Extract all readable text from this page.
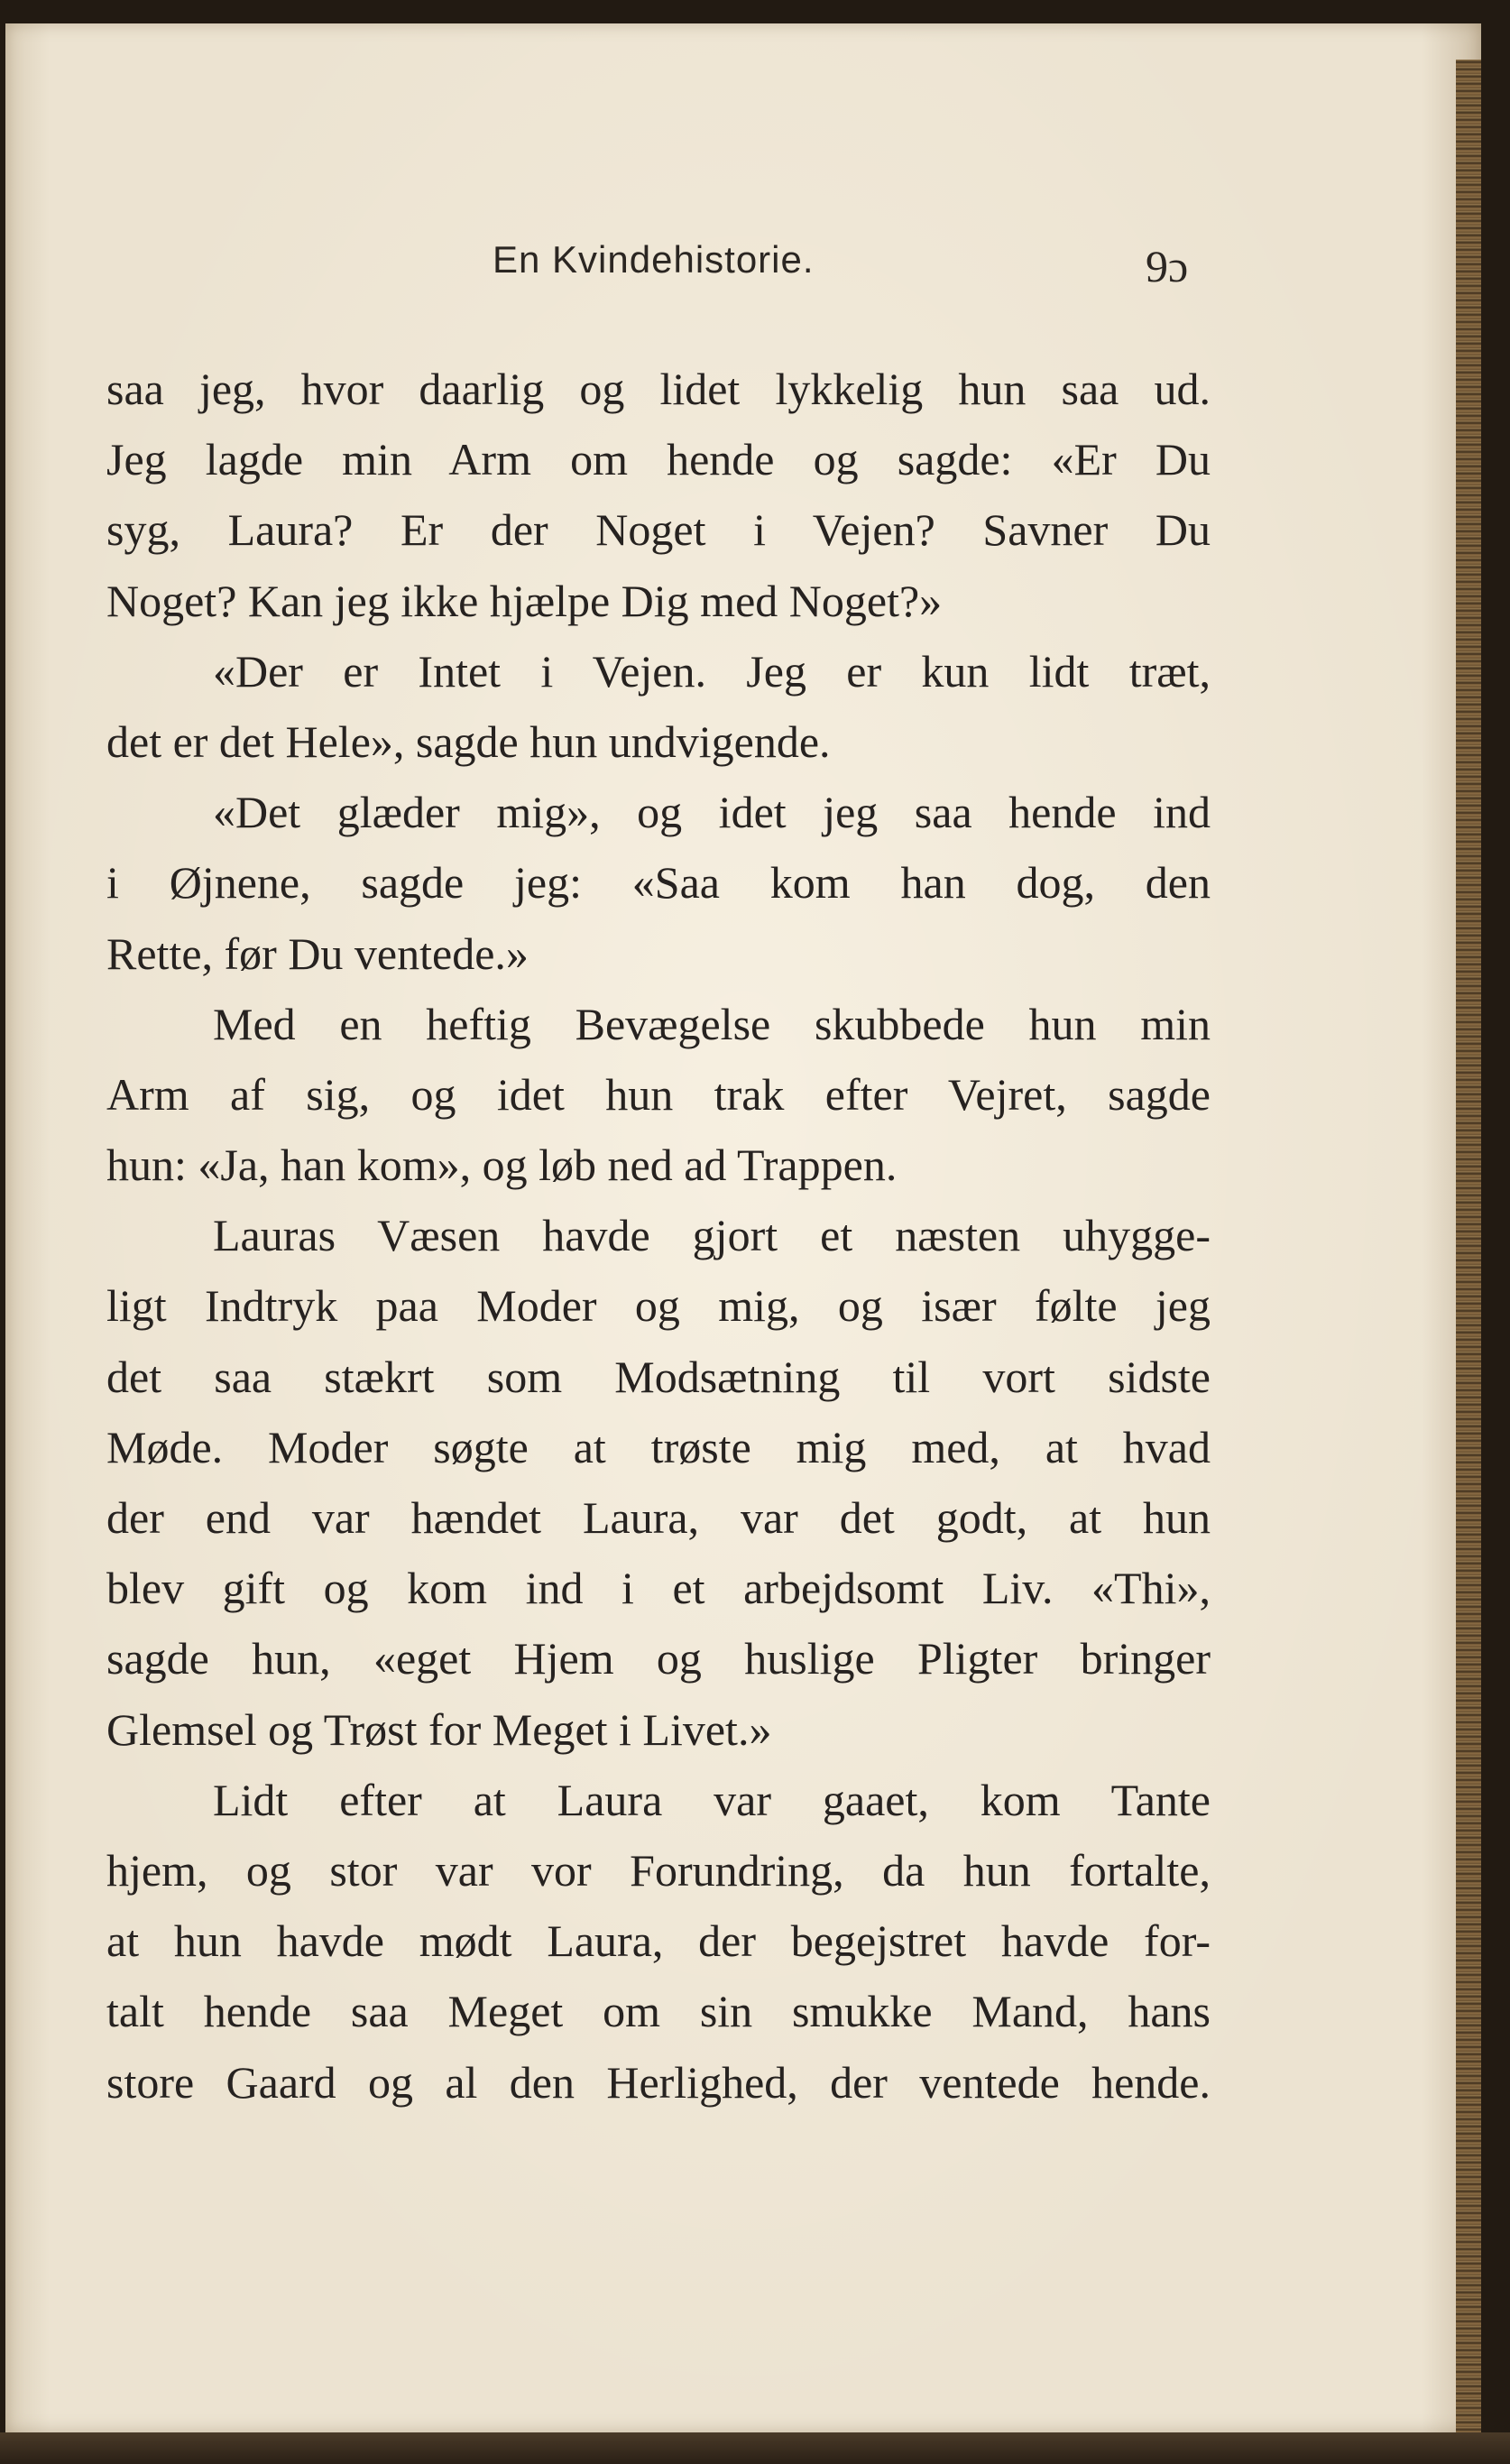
En Kvindehistorie.	9ɔ
saa jeg, hvor daarlig og lidet lykkelig hun saa ud.
Jeg lagde min Arm om hende og sagde: «Er Du
syg, Laura? Er der Noget i Vejen? Savner Du
Noget? Kan jeg ikke hjælpe Dig med Noget?»
«Der er Intet i Vejen. Jeg er kun lidt træt,
det er det Hele», sagde hun undvigende.
«Det glæder mig», og idet jeg saa hende ind
i Øjnene, sagde jeg: «Saa kom han dog, den
Rette, før Du ventede.»
Med en heftig Bevægelse skubbede hun min
Arm af sig, og idet hun trak efter Vejret, sagde
hun: «Ja, han kom», og løb ned ad Trappen.
Lauras Væsen havde gjort et næsten uhygge-
ligt Indtryk paa Moder og mig, og især følte jeg
det saa stækrt som Modsætning til vort sidste
Møde. Moder søgte at trøste mig med, at hvad
der end var hændet Laura, var det godt, at hun
blev gift og kom ind i et arbejdsomt Liv. «Thi»,
sagde hun, «eget Hjem og huslige Pligter bringer
Glemsel og Trøst for Meget i Livet.»
Lidt efter at Laura var gaaet, kom Tante
hjem, og stor var vor Forundring, da hun fortalte,
at hun havde mødt Laura, der begejstret havde for-
talt hende saa Meget om sin smukke Mand, hans
store Gaard og al den Herlighed, der ventede hende.
